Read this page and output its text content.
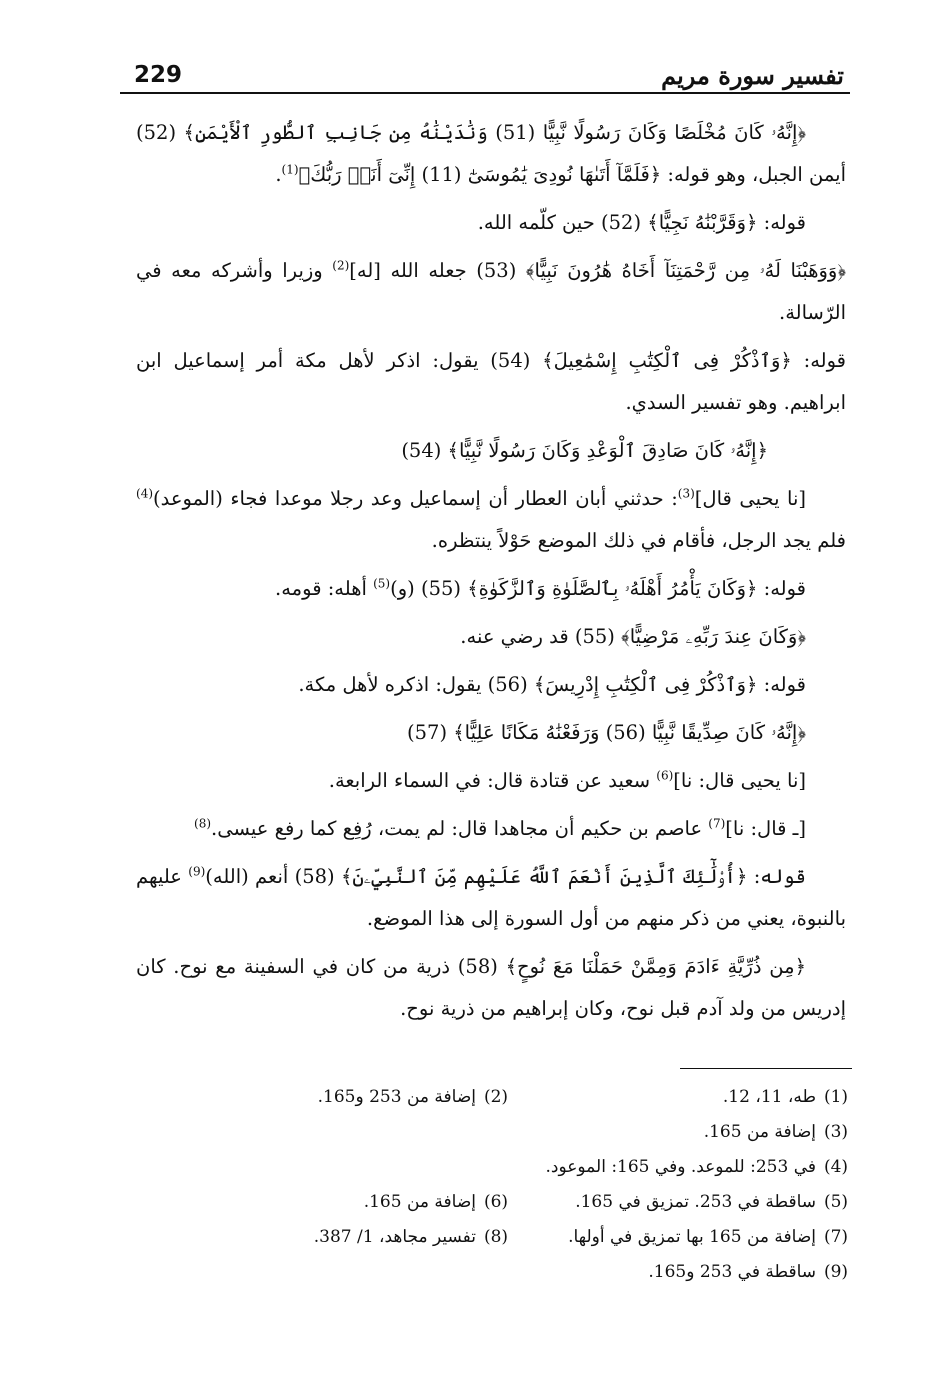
229	تفسير سورة مريم

﴿إِنَّهُۥ كَانَ مُخْلَصًا وَكَانَ رَسُولًا نَّبِيًّا (51) وَنَٰدَيْنَٰهُ مِن جَانِبِ ٱلطُّورِ ٱلْأَيْمَنِ﴾ (52) أيمن الجبل، وهو قوله: ﴿فَلَمَّآ أَتَىٰهَا نُودِىَ يَٰمُوسَىٰٓ (11) إِنِّىٓ أَنَا۠ رَبُّكَ﴾$^{(1)}$.

قوله: ﴿وَقَرَّبْنَٰهُ نَجِيًّا﴾ (52) حين كلّمه الله.

﴿وَوَهَبْنَا لَهُۥ مِن رَّحْمَتِنَآ أَخَاهُ هَٰرُونَ نَبِيًّا﴾ (53) جعله الله [له]$^{(2)}$ وزيرا وأشركه معه في الرّسالة.

قوله: ﴿وَٱذْكُرْ فِى ٱلْكِتَٰبِ إِسْمَٰعِيلَ﴾ (54) يقول: اذكر لأهل مكة أمر إسماعيل ابن ابراهيم. وهو تفسير السدي.

﴿إِنَّهُۥ كَانَ صَادِقَ ٱلْوَعْدِ وَكَانَ رَسُولًا نَّبِيًّا﴾ (54)

[نا يحيى قال]$^{(3)}$: حدثني أبان العطار أن إسماعيل وعد رجلا موعدا فجاء (الموعد)$^{(4)}$ فلم يجد الرجل، فأقام في ذلك الموضع حَوْلاً ينتظره.

قوله: ﴿وَكَانَ يَأْمُرُ أَهْلَهُۥ بِٱلصَّلَوٰةِ وَٱلزَّكَوٰةِ﴾ (55) (و)$^{(5)}$ أهله: قومه.

﴿وَكَانَ عِندَ رَبِّهِۦ مَرْضِيًّا﴾ (55) قد رضي عنه.

قوله: ﴿وَٱذْكُرْ فِى ٱلْكِتَٰبِ إِدْرِيسَ﴾ (56) يقول: اذكره لأهل مكة.

﴿إِنَّهُۥ كَانَ صِدِّيقًا نَّبِيًّا (56) وَرَفَعْنَٰهُ مَكَانًا عَلِيًّا﴾ (57)

[نا يحيى قال: نا]$^{(6)}$ سعيد عن قتادة قال: في السماء الرابعة.

[ـ قال: نا]$^{(7)}$ عاصم بن حكيم أن مجاهدا قال: لم يمت، رُفِع كما رفع عيسى.$^{(8)}$

قوله: ﴿أُو۟لَٰٓئِكَ ٱلَّذِينَ أَنْعَمَ ٱللَّهُ عَلَيْهِم مِّنَ ٱلنَّبِيِّۦنَ﴾ (58) أنعم (الله)$^{(9)}$ عليهم بالنبوة، يعني من ذكر منهم من أول السورة إلى هذا الموضع.

﴿مِن ذُرِّيَّةِ ءَادَمَ وَمِمَّنْ حَمَلْنَا مَعَ نُوحٍ﴾ (58) ذرية من كان في السفينة مع نوح. كان إدريس من ولد آدم قبل نوح، وكان إبراهيم من ذرية نوح.

(1)
طه، 11، 12.
(2)
إضافة من 253 و165.
(3)
إضافة من 165.
(4)
في 253: للموعد. وفي 165: الموعود.
(5)
ساقطة في 253. تمزيق في 165.
(6)
إضافة من 165.
(7)
إضافة من 165 بها تمزيق في أولها.
(8)
تفسير مجاهد، 1/ 387.
(9)
ساقطة في 253 و165.
